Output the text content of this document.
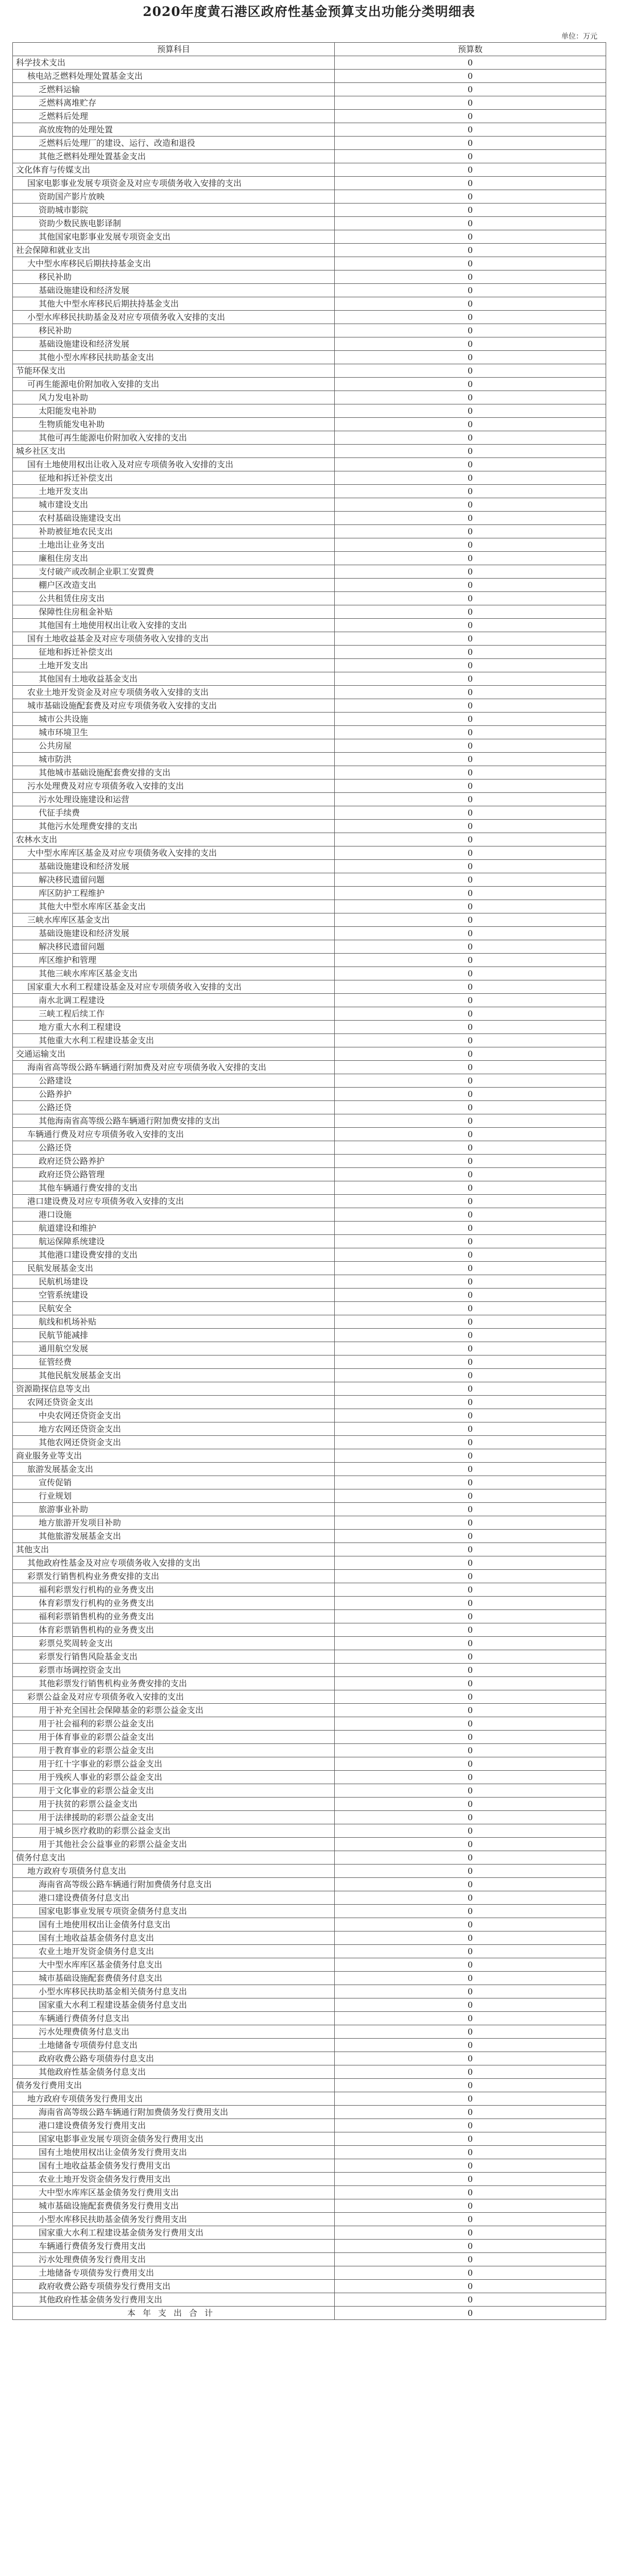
2020年度黄石港区政府性基金预算支出功能分类明细表
单位：万元
预算科目	预算数
科学技术支出	0
核电站乏燃料处理处置基金支出	0
乏燃料运输	0
乏燃料离堆贮存	0
乏燃料后处理	0
高放废物的处理处置	0
乏燃料后处理厂的建设、运行、改造和退役	0
其他乏燃料处理处置基金支出	0
文化体育与传媒支出	0
国家电影事业发展专项资金及对应专项债务收入安排的支出	0
资助国产影片放映	0
资助城市影院	0
资助少数民族电影译制	0
其他国家电影事业发展专项资金支出	0
社会保障和就业支出	0
大中型水库移民后期扶持基金支出	0
移民补助	0
基础设施建设和经济发展	0
其他大中型水库移民后期扶持基金支出	0
小型水库移民扶助基金及对应专项债务收入安排的支出	0
移民补助	0
基础设施建设和经济发展	0
其他小型水库移民扶助基金支出	0
节能环保支出	0
可再生能源电价附加收入安排的支出	0
风力发电补助	0
太阳能发电补助	0
生物质能发电补助	0
其他可再生能源电价附加收入安排的支出	0
城乡社区支出	0
国有土地使用权出让收入及对应专项债务收入安排的支出	0
征地和拆迁补偿支出	0
土地开发支出	0
城市建设支出	0
农村基础设施建设支出	0
补助被征地农民支出	0
土地出让业务支出	0
廉租住房支出	0
支付破产或改制企业职工安置费	0
棚户区改造支出	0
公共租赁住房支出	0
保障性住房租金补贴	0
其他国有土地使用权出让收入安排的支出	0
国有土地收益基金及对应专项债务收入安排的支出	0
征地和拆迁补偿支出	0
土地开发支出	0
其他国有土地收益基金支出	0
农业土地开发资金及对应专项债务收入安排的支出	0
城市基础设施配套费及对应专项债务收入安排的支出	0
城市公共设施	0
城市环境卫生	0
公共房屋	0
城市防洪	0
其他城市基础设施配套费安排的支出	0
污水处理费及对应专项债务收入安排的支出	0
污水处理设施建设和运营	0
代征手续费	0
其他污水处理费安排的支出	0
农林水支出	0
大中型水库库区基金及对应专项债务收入安排的支出	0
基础设施建设和经济发展	0
解决移民遗留问题	0
库区防护工程维护	0
其他大中型水库库区基金支出	0
三峡水库库区基金支出	0
基础设施建设和经济发展	0
解决移民遗留问题	0
库区维护和管理	0
其他三峡水库库区基金支出	0
国家重大水利工程建设基金及对应专项债务收入安排的支出	0
南水北调工程建设	0
三峡工程后续工作	0
地方重大水利工程建设	0
其他重大水利工程建设基金支出	0
交通运输支出	0
海南省高等级公路车辆通行附加费及对应专项债务收入安排的支出	0
公路建设	0
公路养护	0
公路还贷	0
其他海南省高等级公路车辆通行附加费安排的支出	0
车辆通行费及对应专项债务收入安排的支出	0
公路还贷	0
政府还贷公路养护	0
政府还贷公路管理	0
其他车辆通行费安排的支出	0
港口建设费及对应专项债务收入安排的支出	0
港口设施	0
航道建设和维护	0
航运保障系统建设	0
其他港口建设费安排的支出	0
民航发展基金支出	0
民航机场建设	0
空管系统建设	0
民航安全	0
航线和机场补贴	0
民航节能减排	0
通用航空发展	0
征管经费	0
其他民航发展基金支出	0
资源勘探信息等支出	0
农网还贷资金支出	0
中央农网还贷资金支出	0
地方农网还贷资金支出	0
其他农网还贷资金支出	0
商业服务业等支出	0
旅游发展基金支出	0
宣传促销	0
行业规划	0
旅游事业补助	0
地方旅游开发项目补助	0
其他旅游发展基金支出	0
其他支出	0
其他政府性基金及对应专项债务收入安排的支出	0
彩票发行销售机构业务费安排的支出	0
福利彩票发行机构的业务费支出	0
体育彩票发行机构的业务费支出	0
福利彩票销售机构的业务费支出	0
体育彩票销售机构的业务费支出	0
彩票兑奖周转金支出	0
彩票发行销售风险基金支出	0
彩票市场调控资金支出	0
其他彩票发行销售机构业务费安排的支出	0
彩票公益金及对应专项债务收入安排的支出	0
用于补充全国社会保障基金的彩票公益金支出	0
用于社会福利的彩票公益金支出	0
用于体育事业的彩票公益金支出	0
用于教育事业的彩票公益金支出	0
用于红十字事业的彩票公益金支出	0
用于残疾人事业的彩票公益金支出	0
用于文化事业的彩票公益金支出	0
用于扶贫的彩票公益金支出	0
用于法律援助的彩票公益金支出	0
用于城乡医疗救助的彩票公益金支出	0
用于其他社会公益事业的彩票公益金支出	0
债务付息支出	0
地方政府专项债务付息支出	0
海南省高等级公路车辆通行附加费债务付息支出	0
港口建设费债务付息支出	0
国家电影事业发展专项资金债务付息支出	0
国有土地使用权出让金债务付息支出	0
国有土地收益基金债务付息支出	0
农业土地开发资金债务付息支出	0
大中型水库库区基金债务付息支出	0
城市基础设施配套费债务付息支出	0
小型水库移民扶助基金相关债务付息支出	0
国家重大水利工程建设基金债务付息支出	0
车辆通行费债务付息支出	0
污水处理费债务付息支出	0
土地储备专项债券付息支出	0
政府收费公路专项债券付息支出	0
其他政府性基金债务付息支出	0
债务发行费用支出	0
地方政府专项债务发行费用支出	0
海南省高等级公路车辆通行附加费债务发行费用支出	0
港口建设费债务发行费用支出	0
国家电影事业发展专项资金债务发行费用支出	0
国有土地使用权出让金债务发行费用支出	0
国有土地收益基金债务发行费用支出	0
农业土地开发资金债务发行费用支出	0
大中型水库库区基金债务发行费用支出	0
城市基础设施配套费债务发行费用支出	0
小型水库移民扶助基金债务发行费用支出	0
国家重大水利工程建设基金债务发行费用支出	0
车辆通行费债务发行费用支出	0
污水处理费债务发行费用支出	0
土地储备专项债券发行费用支出	0
政府收费公路专项债券发行费用支出	0
其他政府性基金债务发行费用支出	0
本年支出合计	0
